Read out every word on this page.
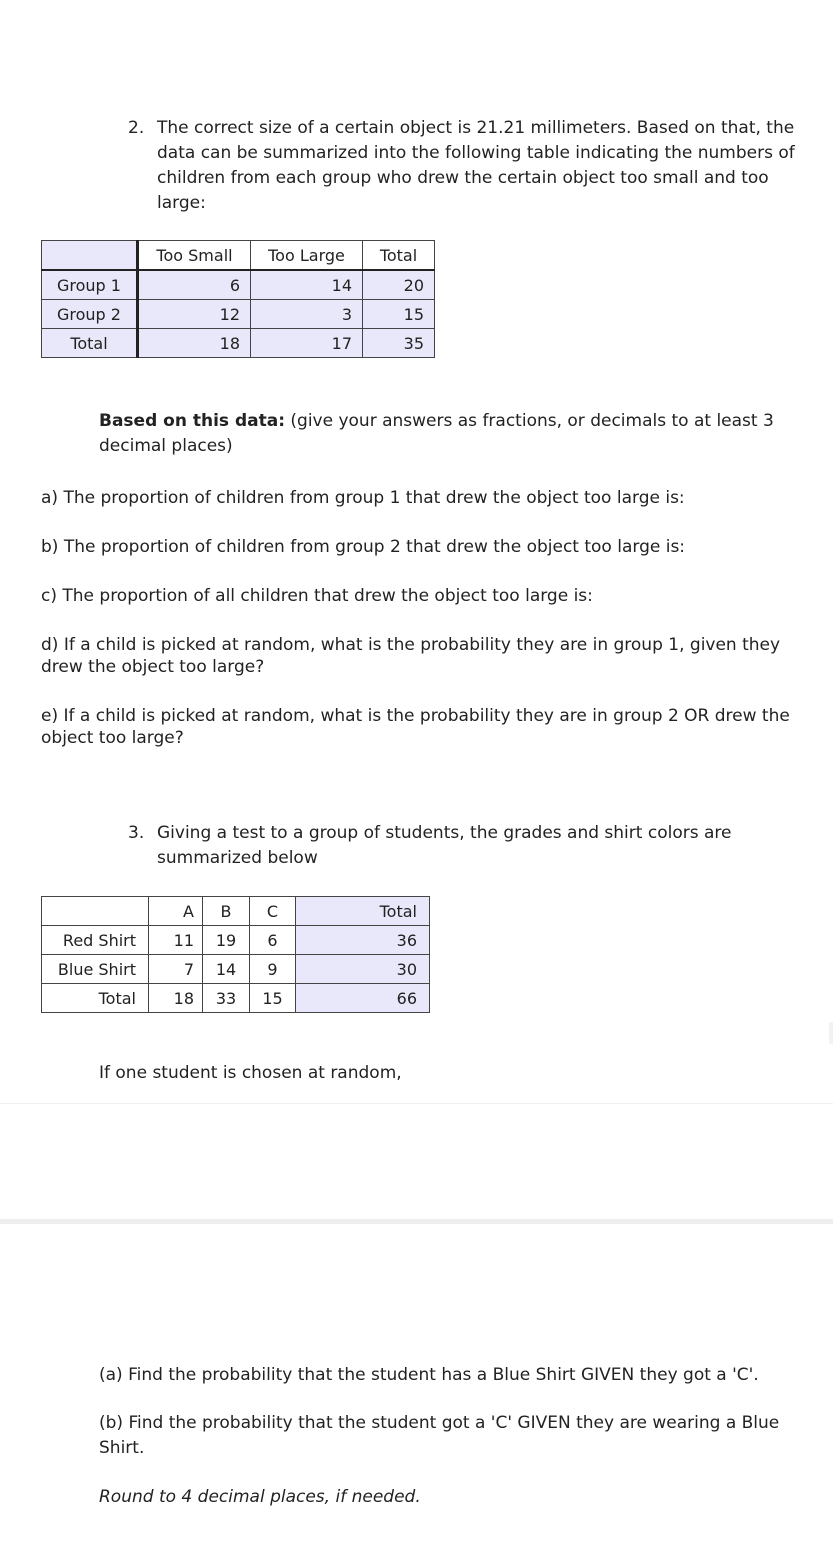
2. The correct size of a certain object is 21.21 millimeters. Based on that, the data can be summarized into the following table indicating the numbers of children from each group who drew the certain object too small and too large:
	Too Small	Too Large	Total
Group 1	6	14	20
Group 2	12	3	15
Total	18	17	35
Based on this data: (give your answers as fractions, or decimals to at least 3 decimal places)
a) The proportion of children from group 1 that drew the object too large is:
b) The proportion of children from group 2 that drew the object too large is:
c) The proportion of all children that drew the object too large is:
d) If a child is picked at random, what is the probability they are in group 1, given they drew the object too large?
e) If a child is picked at random, what is the probability they are in group 2 OR drew the object too large?
3. Giving a test to a group of students, the grades and shirt colors are summarized below
	A	B	C	Total
Red Shirt	11	19	6	36
Blue Shirt	7	14	9	30
Total	18	33	15	66
If one student is chosen at random,
(a) Find the probability that the student has a Blue Shirt GIVEN they got a 'C'.
(b) Find the probability that the student got a 'C' GIVEN they are wearing a Blue Shirt.
Round to 4 decimal places, if needed.
